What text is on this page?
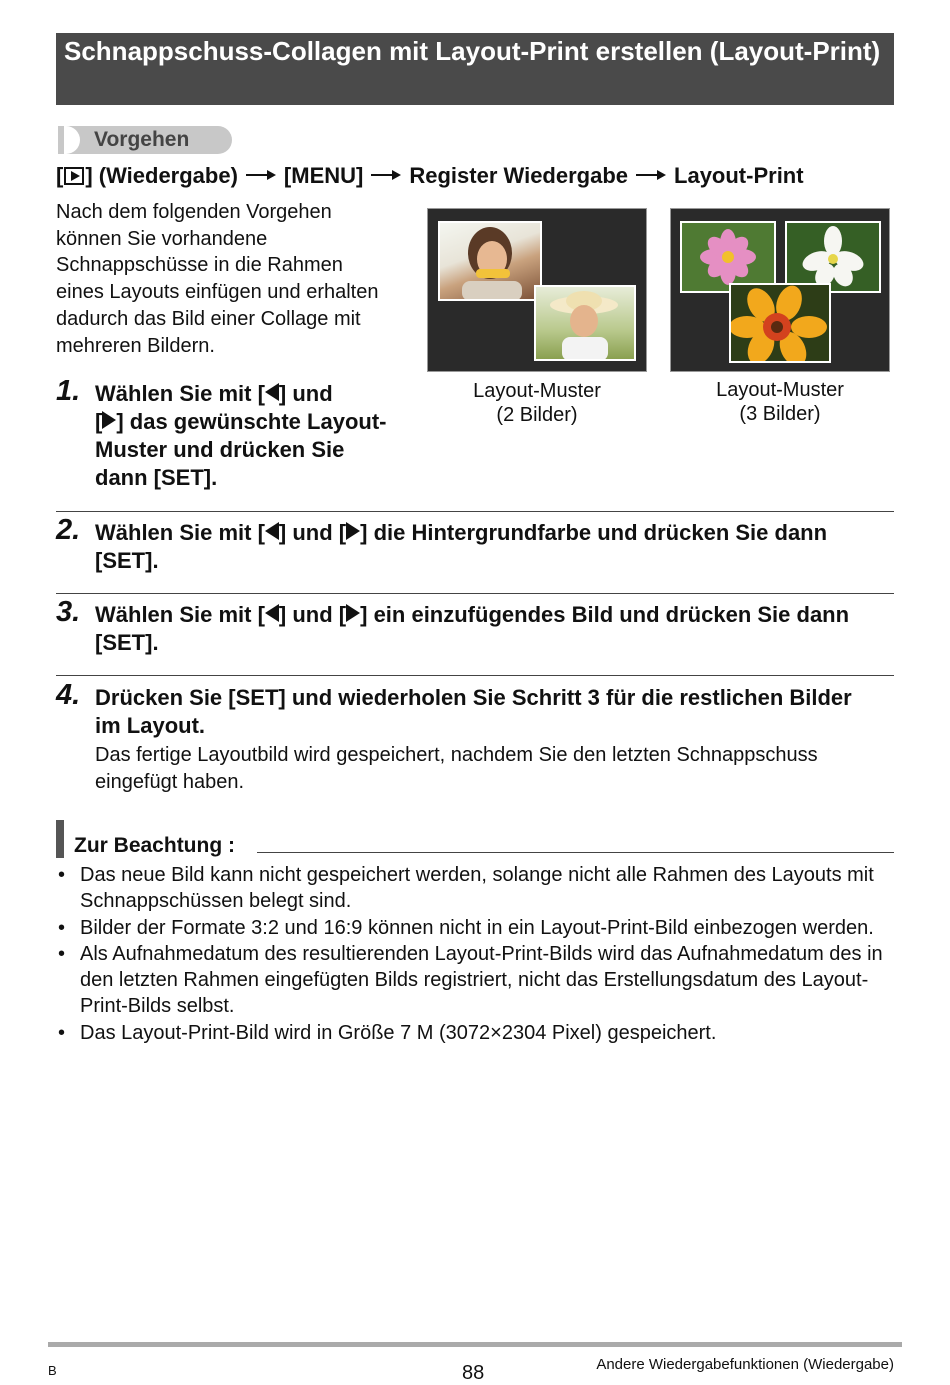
Schnappschuss-Collagen mit Layout-Print erstellen (Layout-Print)
Vorgehen
[ ] (Wiedergabe) [MENU] Register Wiedergabe Layout-Print
Nach dem folgenden Vorgehen können Sie vorhandene Schnappschüsse in die Rahmen eines Layouts einfügen und erhalten dadurch das Bild einer Collage mit mehreren Bildern.
Layout-Muster
(2 Bilder)
Layout-Muster
(3 Bilder)
1. Wählen Sie mit [ ] und
[ ] das gewünschte Layout-Muster und drücken Sie dann [SET].
2. Wählen Sie mit [ ] und [ ] die Hintergrundfarbe und drücken Sie dann [SET].
3. Wählen Sie mit [ ] und [ ] ein einzufügendes Bild und drücken Sie dann [SET].
4. Drücken Sie [SET] und wiederholen Sie Schritt 3 für die restlichen Bilder im Layout.
Das fertige Layoutbild wird gespeichert, nachdem Sie den letzten Schnappschuss eingefügt haben.
Zur Beachtung :
• Das neue Bild kann nicht gespeichert werden, solange nicht alle Rahmen des Layouts mit Schnappschüssen belegt sind.
• Bilder der Formate 3:2 und 16:9 können nicht in ein Layout-Print-Bild einbezogen werden.
• Als Aufnahmedatum des resultierenden Layout-Print-Bilds wird das Aufnahmedatum des in den letzten Rahmen eingefügten Bilds registriert, nicht das Erstellungsdatum des Layout-Print-Bilds selbst.
• Das Layout-Print-Bild wird in Größe 7 M (3072×2304 Pixel) gespeichert.
B	88	Andere Wiedergabefunktionen (Wiedergabe)
